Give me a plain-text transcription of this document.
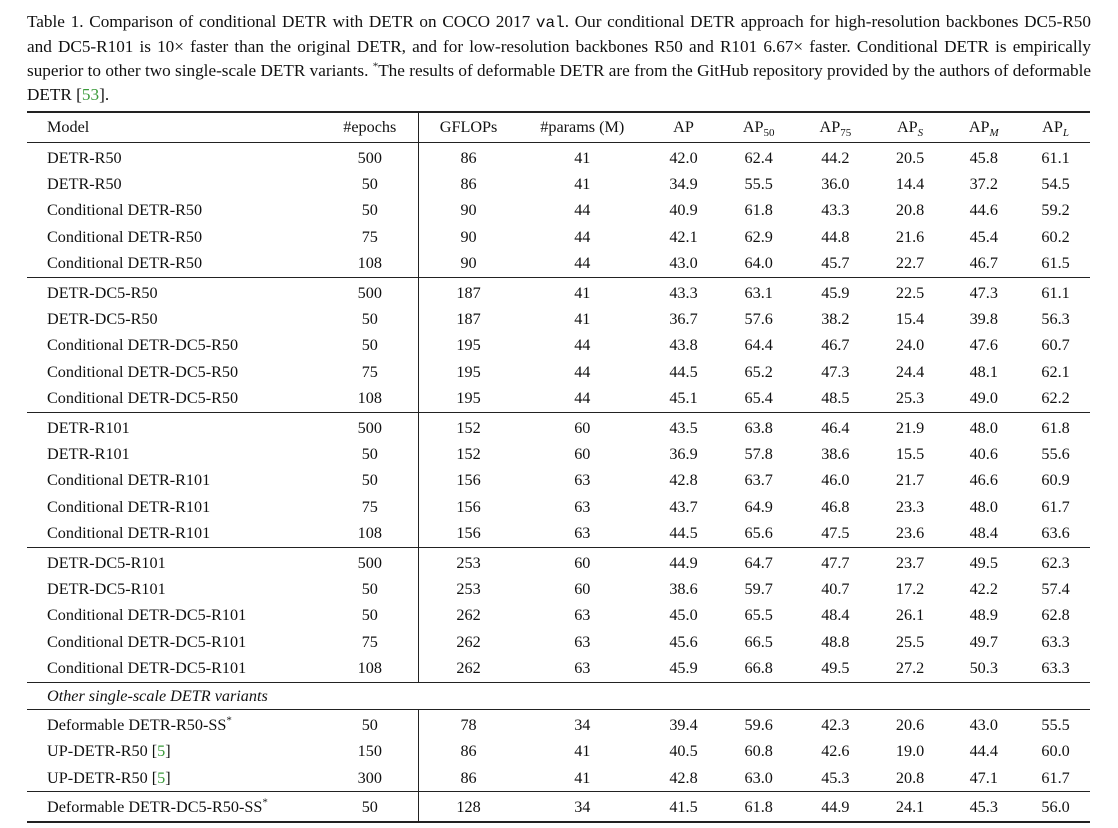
Table 1. Comparison of conditional DETR with DETR on COCO 2017 val. Our conditional DETR approach for high-resolution backbones DC5-R50 and DC5-R101 is 10× faster than the original DETR, and for low-resolution backbones R50 and R101 6.67× faster. Conditional DETR is empirically superior to other two single-scale DETR variants. *The results of deformable DETR are from the GitHub repository provided by the authors of deformable DETR [53].
Model	#epochs	GFLOPs	#params (M)	AP	$AP_{50}$	$AP_{75}$	$AP_S$	$AP_M$	$AP_L$
DETR-R50	500	86	41	42.0	62.4	44.2	20.5	45.8	61.1
DETR-R50	50	86	41	34.9	55.5	36.0	14.4	37.2	54.5
Conditional DETR-R50	50	90	44	40.9	61.8	43.3	20.8	44.6	59.2
Conditional DETR-R50	75	90	44	42.1	62.9	44.8	21.6	45.4	60.2
Conditional DETR-R50	108	90	44	43.0	64.0	45.7	22.7	46.7	61.5
DETR-DC5-R50	500	187	41	43.3	63.1	45.9	22.5	47.3	61.1
DETR-DC5-R50	50	187	41	36.7	57.6	38.2	15.4	39.8	56.3
Conditional DETR-DC5-R50	50	195	44	43.8	64.4	46.7	24.0	47.6	60.7
Conditional DETR-DC5-R50	75	195	44	44.5	65.2	47.3	24.4	48.1	62.1
Conditional DETR-DC5-R50	108	195	44	45.1	65.4	48.5	25.3	49.0	62.2
DETR-R101	500	152	60	43.5	63.8	46.4	21.9	48.0	61.8
DETR-R101	50	152	60	36.9	57.8	38.6	15.5	40.6	55.6
Conditional DETR-R101	50	156	63	42.8	63.7	46.0	21.7	46.6	60.9
Conditional DETR-R101	75	156	63	43.7	64.9	46.8	23.3	48.0	61.7
Conditional DETR-R101	108	156	63	44.5	65.6	47.5	23.6	48.4	63.6
DETR-DC5-R101	500	253	60	44.9	64.7	47.7	23.7	49.5	62.3
DETR-DC5-R101	50	253	60	38.6	59.7	40.7	17.2	42.2	57.4
Conditional DETR-DC5-R101	50	262	63	45.0	65.5	48.4	26.1	48.9	62.8
Conditional DETR-DC5-R101	75	262	63	45.6	66.5	48.8	25.5	49.7	63.3
Conditional DETR-DC5-R101	108	262	63	45.9	66.8	49.5	27.2	50.3	63.3
Other single-scale DETR variants									
Deformable DETR-R50-SS*	50	78	34	39.4	59.6	42.3	20.6	43.0	55.5
UP-DETR-R50 [5]	150	86	41	40.5	60.8	42.6	19.0	44.4	60.0
UP-DETR-R50 [5]	300	86	41	42.8	63.0	45.3	20.8	47.1	61.7
Deformable DETR-DC5-R50-SS*	50	128	34	41.5	61.8	44.9	24.1	45.3	56.0
